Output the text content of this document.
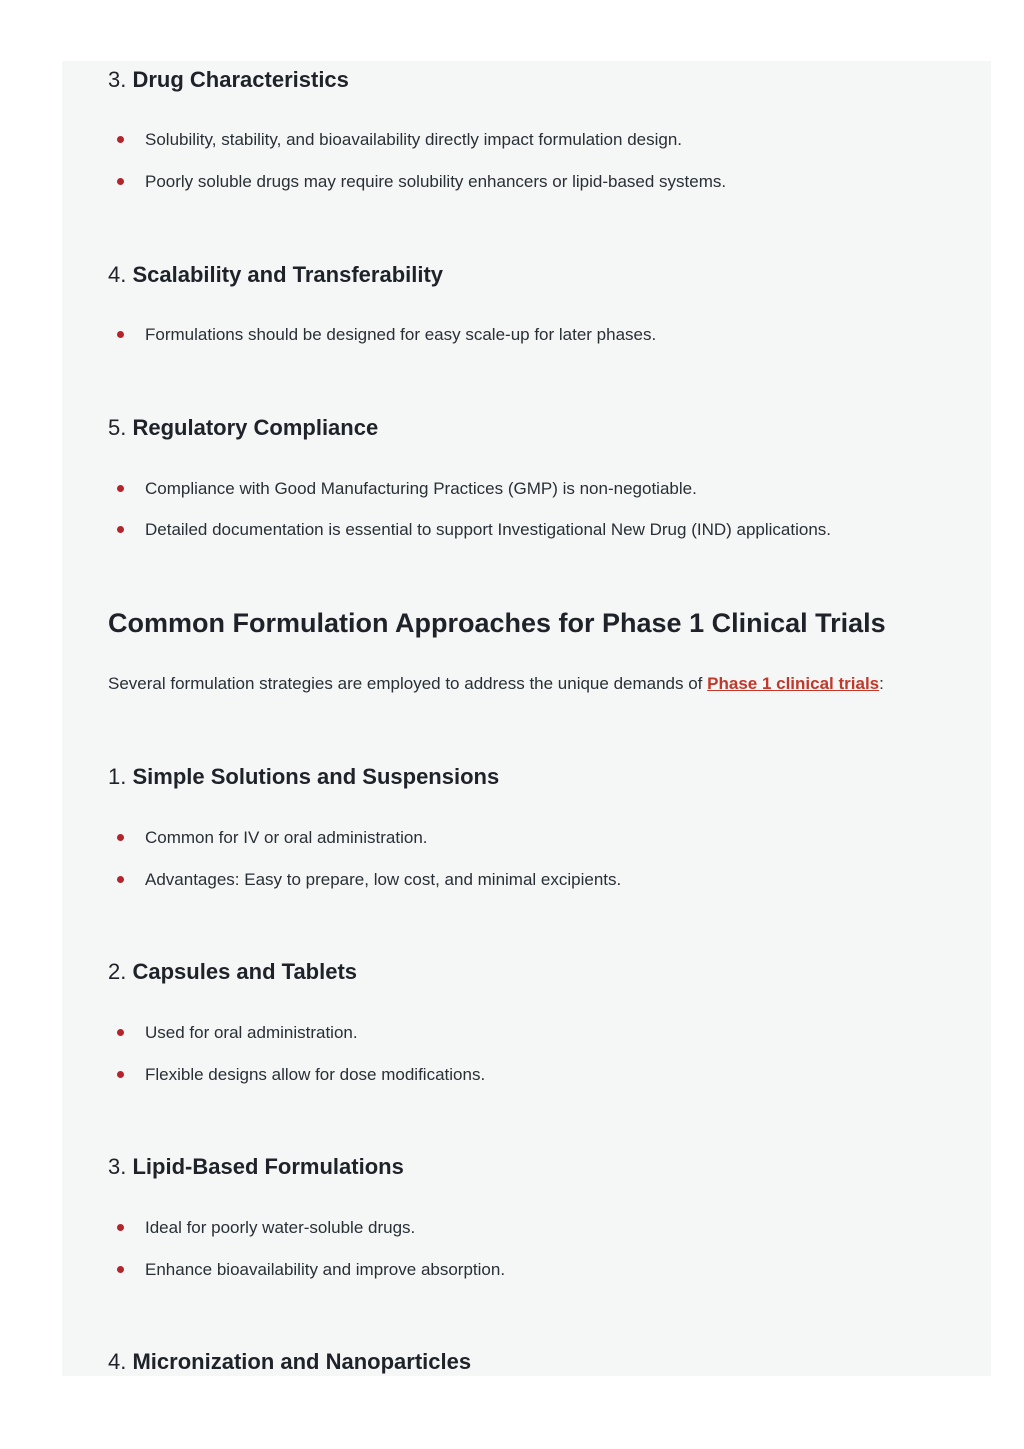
3. Drug Characteristics

Solubility, stability, and bioavailability directly impact formulation design.

Poorly soluble drugs may require solubility enhancers or lipid-based systems.

4. Scalability and Transferability

Formulations should be designed for easy scale-up for later phases.

5. Regulatory Compliance

Compliance with Good Manufacturing Practices (GMP) is non-negotiable.

Detailed documentation is essential to support Investigational New Drug (IND) applications.

Common Formulation Approaches for Phase 1 Clinical Trials

Several formulation strategies are employed to address the unique demands of Phase 1 clinical trials:

1. Simple Solutions and Suspensions

Common for IV or oral administration.

Advantages: Easy to prepare, low cost, and minimal excipients.

2. Capsules and Tablets

Used for oral administration.

Flexible designs allow for dose modifications.

3. Lipid-Based Formulations

Ideal for poorly water-soluble drugs.

Enhance bioavailability and improve absorption.

4. Micronization and Nanoparticles
